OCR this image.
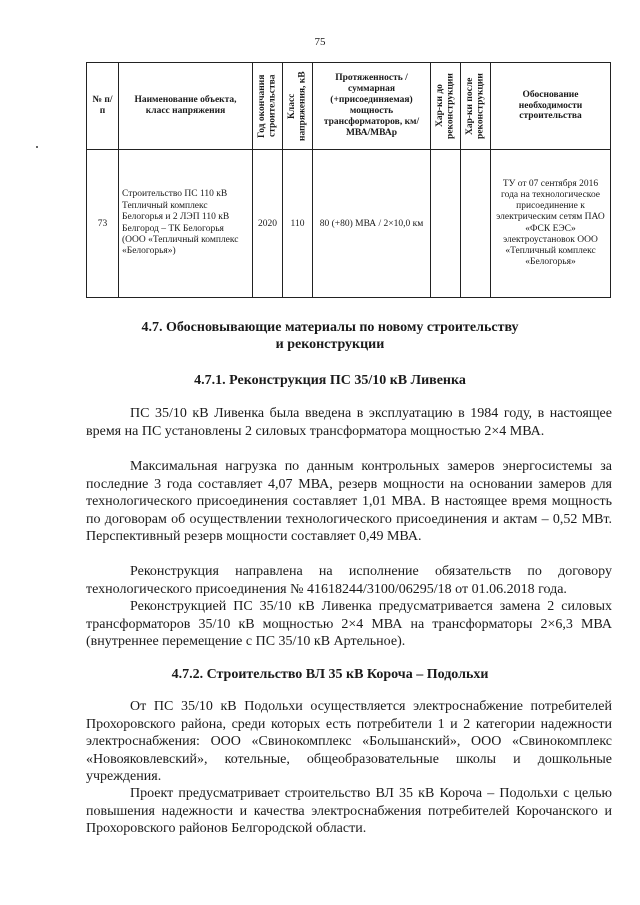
75
№ п/п	Наименование объекта, класс напряжения	Год окончания строительства	Класс напряжения, кВ	Протяженность / суммарная (+присоединяемая) мощность трансформаторов, км/МВА/МВАр	Хар-ки до реконструкции	Хар-ки после реконструкции	Обоснование необходимости строительства
73	Строительство ПС 110 кВ Тепличный комплекс Белогорья и 2 ЛЭП 110 кВ Белгород – ТК Белогорья (ООО «Тепличный комплекс «Белогорья»)	2020	110	80 (+80) МВА / 2×10,0 км			ТУ от 07 сентября 2016 года на технологическое присоединение к электрическим сетям ПАО «ФСК ЕЭС» электроустановок ООО «Тепличный комплекс «Белогорья»
4.7. Обосновывающие материалы по новому строительству
и реконструкции
4.7.1. Реконструкция ПС 35/10 кВ Ливенка

ПС 35/10 кВ Ливенка была введена в эксплуатацию в 1984 году, в настоящее время на ПС установлены 2 силовых трансформатора мощностью 2×4 МВА.

Максимальная нагрузка по данным контрольных замеров энергосистемы за последние 3 года составляет 4,07 МВА, резерв мощности на основании замеров для технологического присоединения составляет 1,01 МВА. В настоящее время мощность по договорам об осуществлении технологического присоединения и актам – 0,52 МВт. Перспективный резерв мощности составляет 0,49 МВА.

Реконструкция направлена на исполнение обязательств по договору технологического присоединения № 41618244/3100/06295/18 от 01.06.2018 года.

Реконструкцией ПС 35/10 кВ Ливенка предусматривается замена 2 силовых трансформаторов 35/10 кВ мощностью 2×4 МВА на трансформаторы 2×6,3 МВА (внутреннее перемещение с ПС 35/10 кВ Артельное).

4.7.2. Строительство ВЛ 35 кВ Короча – Подольхи

От ПС 35/10 кВ Подольхи осуществляется электроснабжение потребителей Прохоровского района, среди которых есть потребители 1 и 2 категории надежности электроснабжения: ООО «Свинокомплекс «Большанский», ООО «Свинокомплекс «Новояковлевский», котельные, общеобразовательные школы и дошкольные учреждения.

Проект предусматривает строительство ВЛ 35 кВ Короча – Подольхи с целью повышения надежности и качества электроснабжения потребителей Корочанского и Прохоровского районов Белгородской области.
